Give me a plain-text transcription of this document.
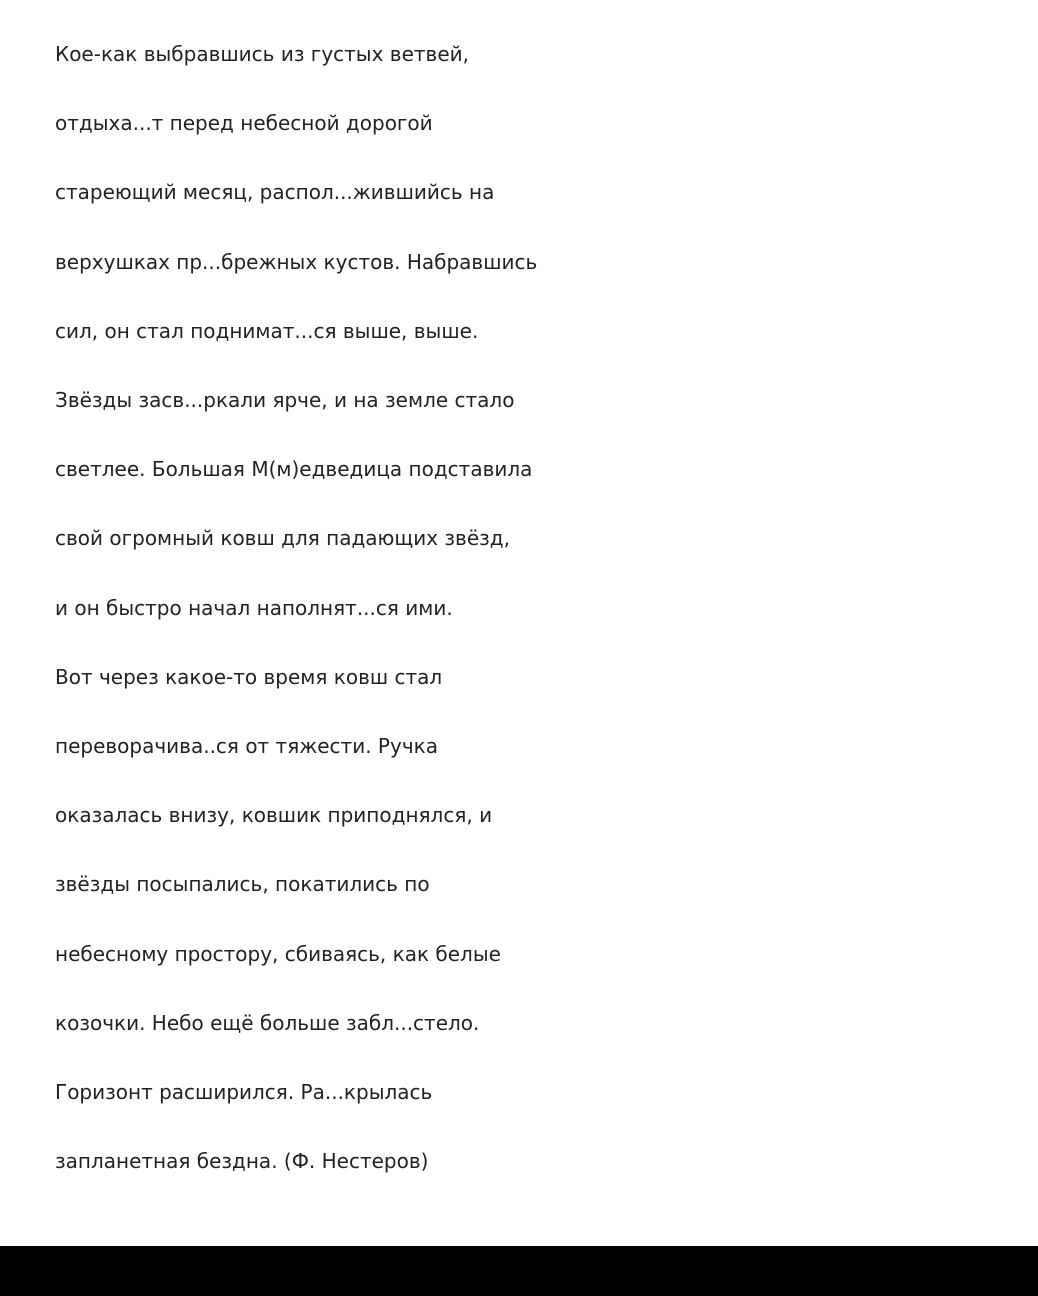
Кое-как выбравшись из густых ветвей,
отдыха...т перед небесной дорогой
стареющий месяц, распол...жившийсь на
верхушках пр...брежных кустов. Набравшись
сил, он стал поднимат...ся выше, выше.
Звёзды засв...ркали ярче, и на земле стало
светлее. Большая М(м)едведица подставила
свой огромный ковш для падающих звёзд,
и он быстро начал наполнят...ся ими.
Вот через какое-то время ковш стал
переворачива..ся от тяжести. Ручка
оказалась внизу, ковшик приподнялся, и
звёзды посыпались, покатились по
небесному простору, сбиваясь, как белые
козочки. Небо ещё больше забл...стело.
Горизонт расширился. Ра...крылась
запланетная бездна. (Ф. Нестеров)
